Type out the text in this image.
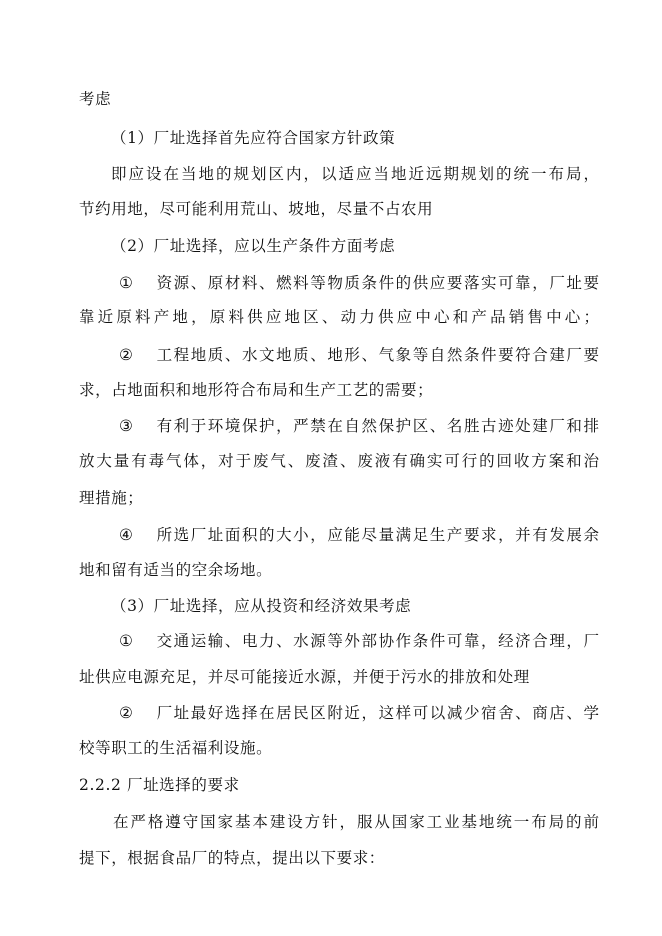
考虑
（1）厂址选择首先应符合国家方针政策
即应设在当地的规划区内，以适应当地近远期规划的统一布局，
节约用地，尽可能利用荒山、坡地，尽量不占农用
（2）厂址选择，应以生产条件方面考虑
① 资源、原材料、燃料等物质条件的供应要落实可靠，厂址要
靠近原料产地，原料供应地区、动力供应中心和产品销售中心；
② 工程地质、水文地质、地形、气象等自然条件要符合建厂要
求，占地面积和地形符合布局和生产工艺的需要；
③ 有利于环境保护，严禁在自然保护区、名胜古迹处建厂和排
放大量有毒气体，对于废气、废渣、废液有确实可行的回收方案和治
理措施；
④ 所选厂址面积的大小，应能尽量满足生产要求，并有发展余
地和留有适当的空余场地。
（3）厂址选择，应从投资和经济效果考虑
① 交通运输、电力、水源等外部协作条件可靠，经济合理，厂
址供应电源充足，并尽可能接近水源，并便于污水的排放和处理
② 厂址最好选择在居民区附近，这样可以减少宿舍、商店、学
校等职工的生活福利设施。
2.2.2 厂址选择的要求
在严格遵守国家基本建设方针，服从国家工业基地统一布局的前
提下，根据食品厂的特点，提出以下要求：
